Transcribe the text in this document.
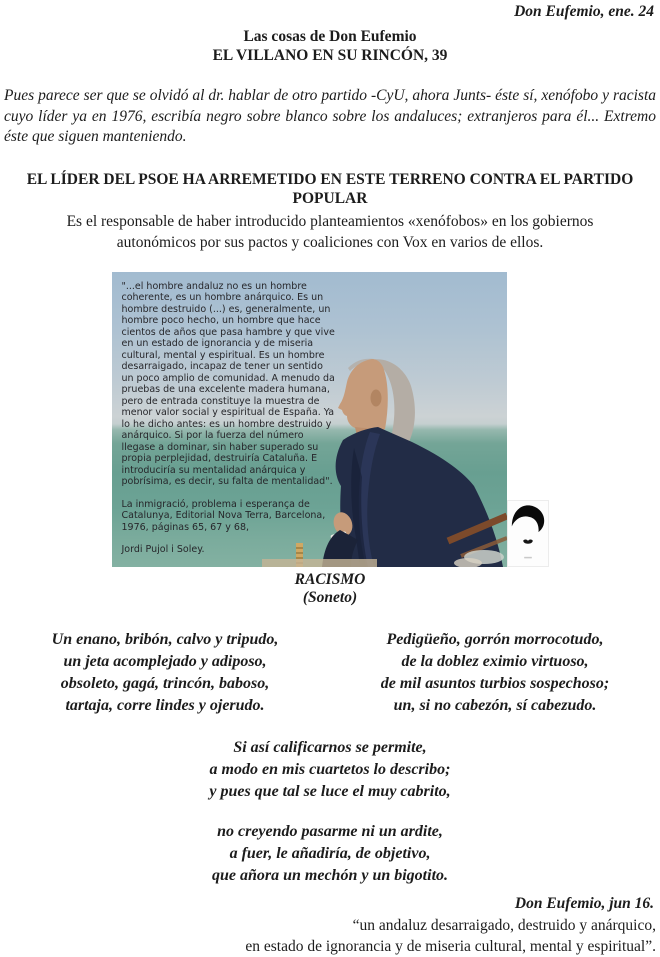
Don Eufemio, ene. 24
Las cosas de Don Eufemio
EL VILLANO EN SU RINCÓN, 39

Pues parece ser que se olvidó al dr. hablar de otro partido -CyU, ahora Junts- éste sí, xenófobo y racista cuyo líder ya en 1976, escribía negro sobre blanco sobre los andaluces; extranjeros para él... Extremo éste que siguen manteniendo.

EL LÍDER DEL PSOE HA ARREMETIDO EN ESTE TERRENO CONTRA EL PARTIDO POPULAR

Es el responsable de haber introducido planteamientos «xenófobos» en los gobiernos autonómicos por sus pactos y coaliciones con Vox en varios de ellos.

"...el hombre andaluz no es un hombre coherente, es un hombre anárquico. Es un hombre destruido (...) es, generalmente, un hombre poco hecho, un hombre que hace cientos de años que pasa hambre y que vive en un estado de ignorancia y de miseria cultural, mental y espiritual. Es un hombre desarraigado, incapaz de tener un sentido un poco amplio de comunidad. A menudo da pruebas de una excelente madera humana, pero de entrada constituye la muestra de menor valor social y espiritual de España. Ya lo he dicho antes: es un hombre destruido y anárquico. Si por la fuerza del número llegase a dominar, sin haber superado su propia perplejidad, destruiría Cataluña. E introduciría su mentalidad anárquica y pobrísima, es decir, su falta de mentalidad".

La inmigració, problema i esperança de Catalunya, Editorial Nova Terra, Barcelona, 1976, páginas 65, 67 y 68,

Jordi Pujol i Soley.

RACISMO
(Soneto)
Un enano, bribón, calvo y tripudo,
un jeta acomplejado y adiposo,
obsoleto, gagá, trincón, baboso,
tartaja, corre lindes y ojerudo.
Pedigüeño, gorrón morrocotudo,
de la doblez eximio virtuoso,
de mil asuntos turbios sospechoso;
un, si no cabezón, sí cabezudo.
Si así calificarnos se permite,
a modo en mis cuartetos lo describo;
y pues que tal se luce el muy cabrito,
no creyendo pasarme ni un ardite,
a fuer, le añadiría, de objetivo,
que añora un mechón y un bigotito.
Don Eufemio, jun 16.
“un andaluz desarraigado, destruido y anárquico,
en estado de ignorancia y de miseria cultural, mental y espiritual”.
